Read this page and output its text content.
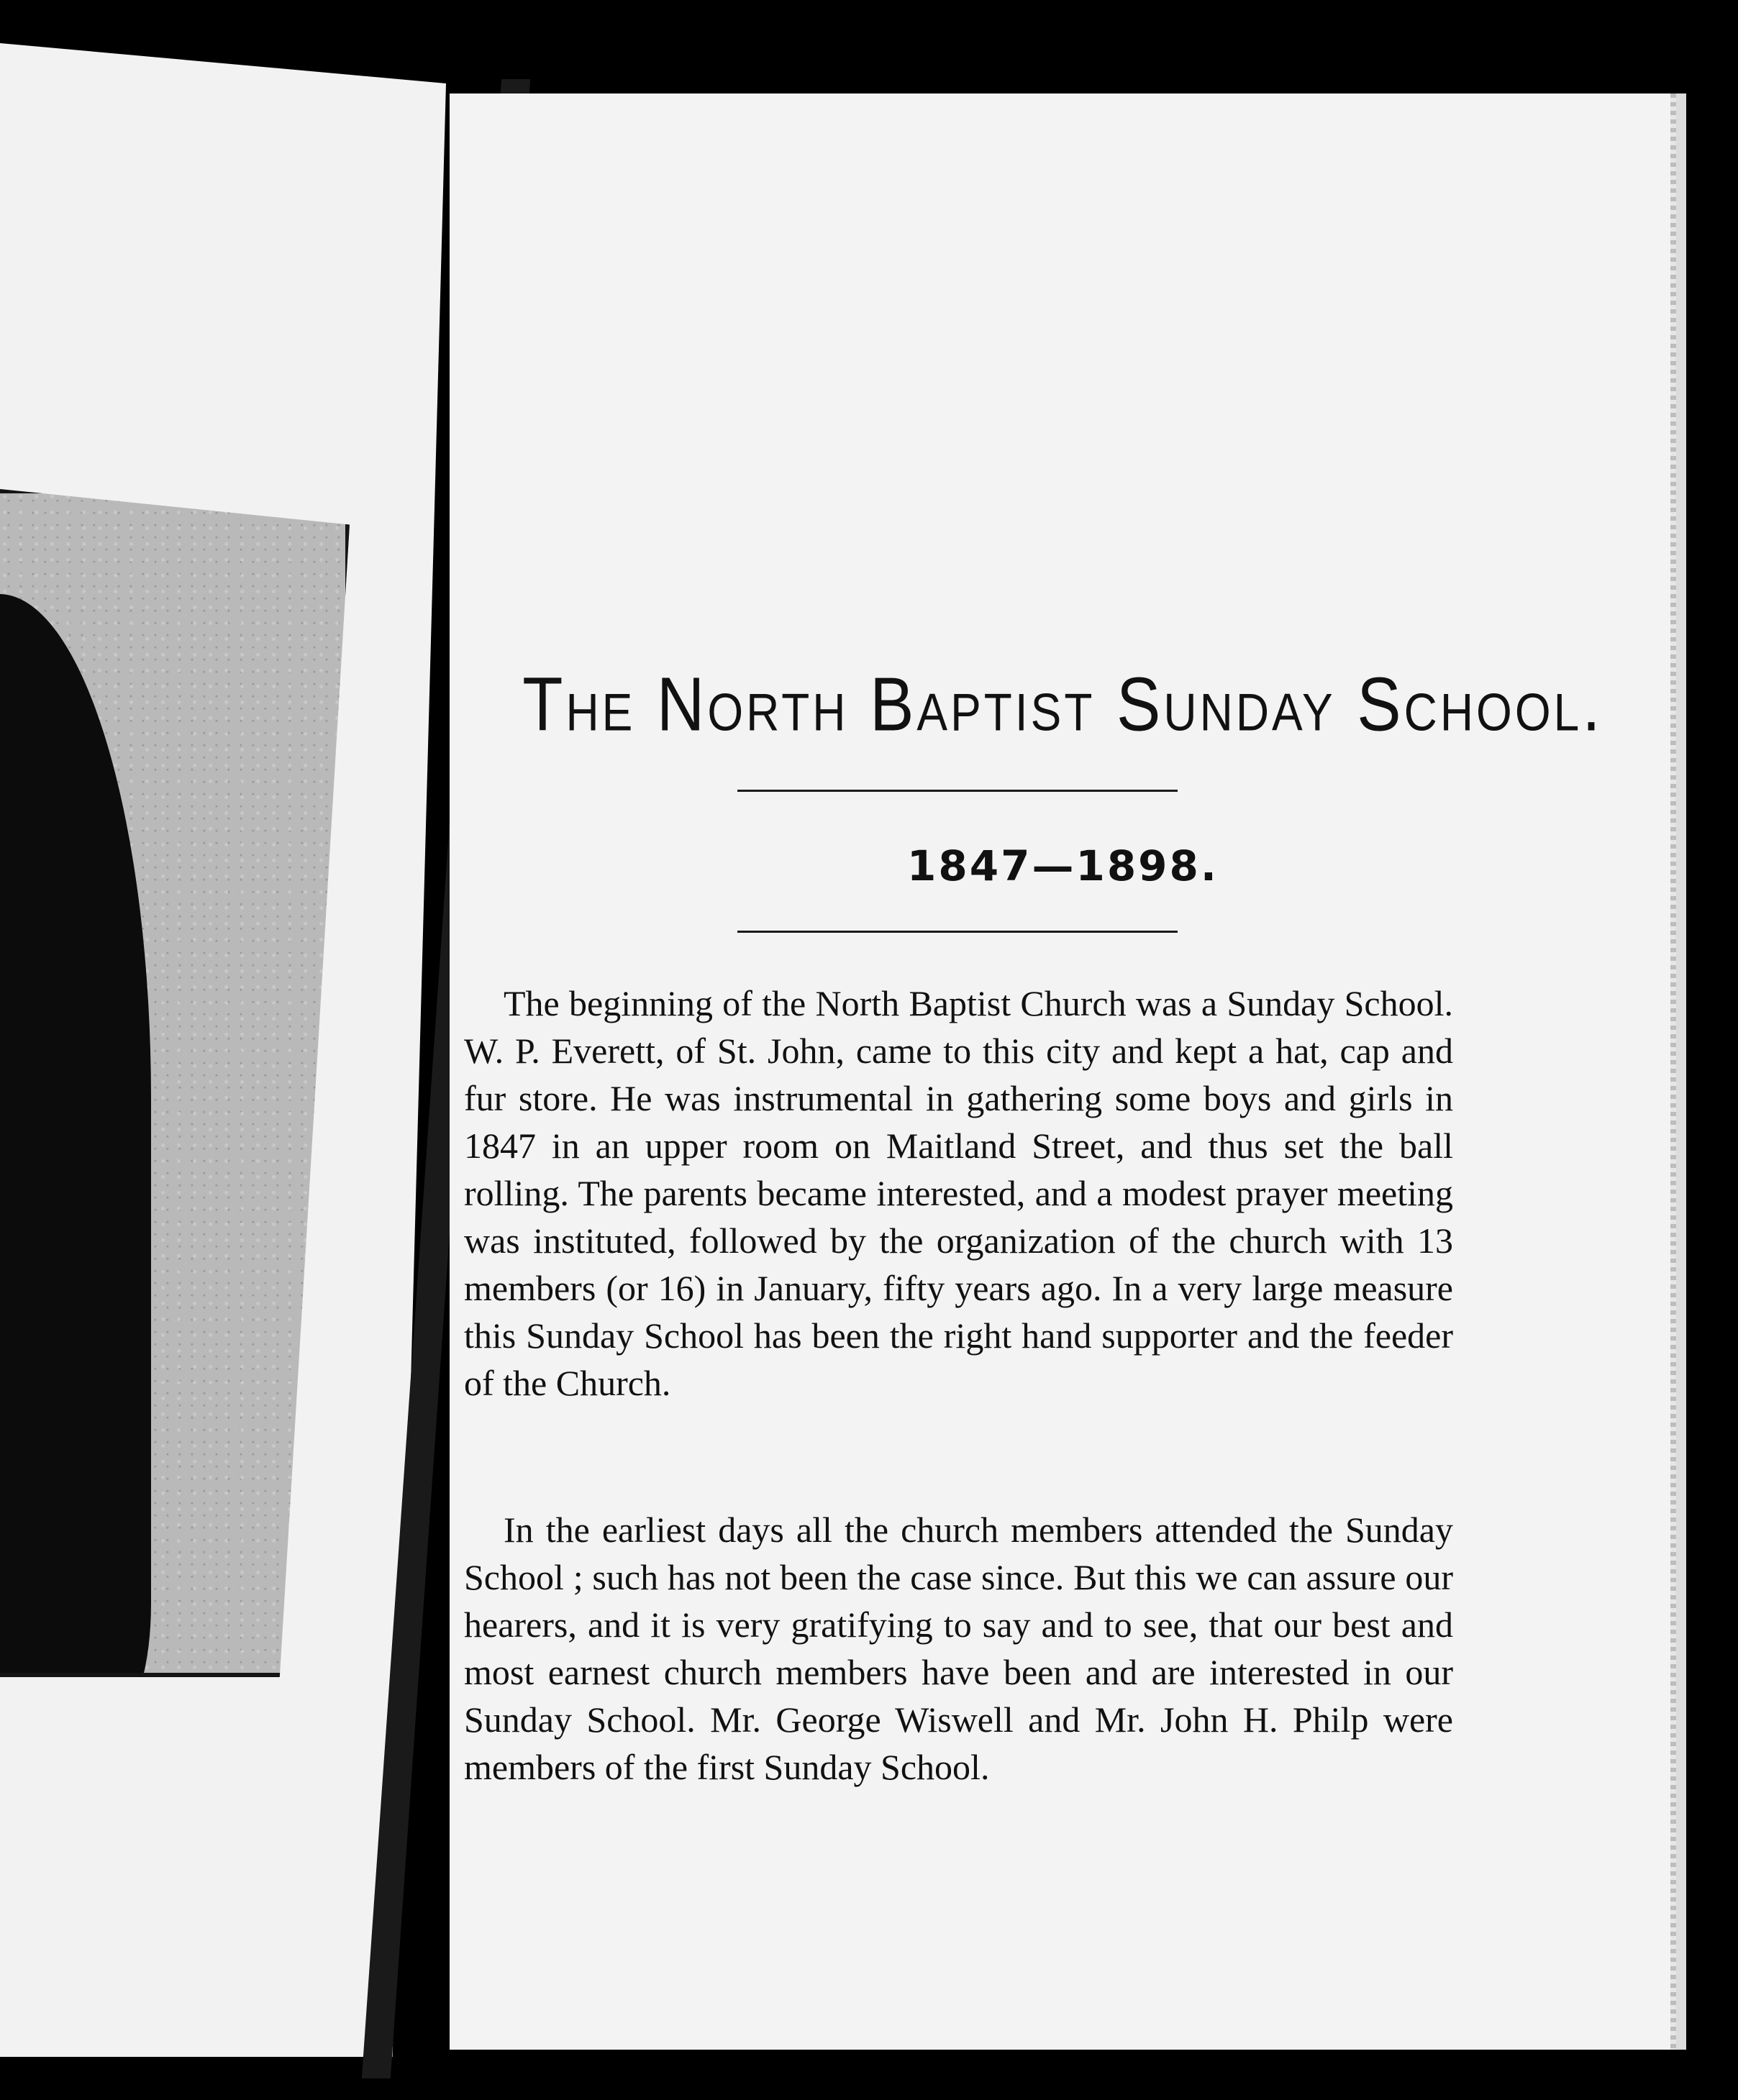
The North Baptist Sunday School.
1847—1898.

The beginning of the North Baptist Church was a Sunday School. W. P. Everett, of St. John, came to this city and kept a hat, cap and fur store. He was instrumental in gathering some boys and girls in 1847 in an upper room on Maitland Street, and thus set the ball rolling. The parents became interested, and a modest prayer meeting was instituted, followed by the organization of the church with 13 members (or 16) in January, fifty years ago. In a very large measure this Sunday School has been the right hand supporter and the feeder of the Church.

In the earliest days all the church members attended the Sunday School ; such has not been the case since. But this we can assure our hearers, and it is very gratifying to say and to see, that our best and most earnest church members have been and are interested in our Sunday School. Mr. George Wiswell and Mr. John H. Philp were members of the first Sunday School.
